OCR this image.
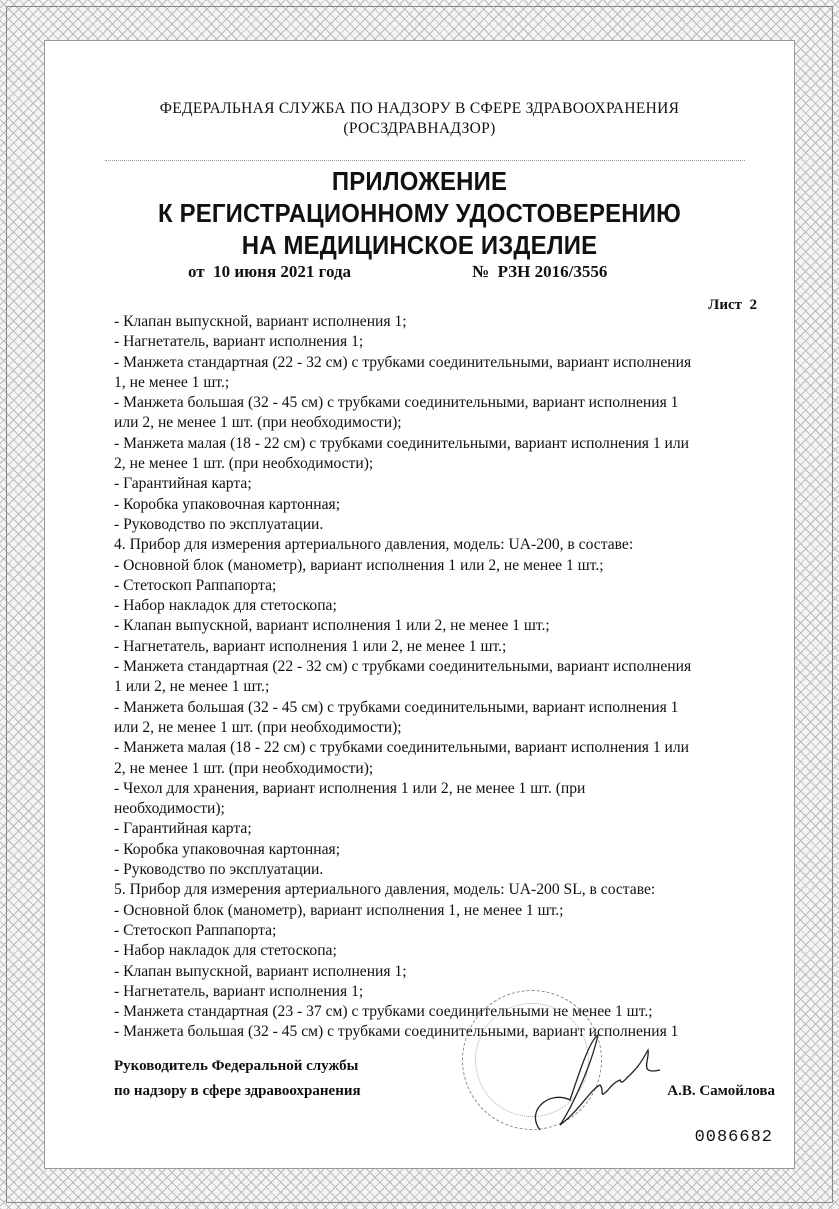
ФЕДЕРАЛЬНАЯ СЛУЖБА ПО НАДЗОРУ В СФЕРЕ ЗДРАВООХРАНЕНИЯ
(РОСЗДРАВНАДЗОР)
ПРИЛОЖЕНИЕ
К РЕГИСТРАЦИОННОМУ УДОСТОВЕРЕНИЮ
НА МЕДИЦИНСКОЕ ИЗДЕЛИЕ
от  10 июня 2021 года	№  РЗН 2016/3556
Лист  2
- Клапан выпускной, вариант исполнения 1;
- Нагнетатель, вариант исполнения 1;
- Манжета стандартная (22 - 32 см) с трубками соединительными, вариант исполнения
1, не менее 1 шт.;
- Манжета большая (32 - 45 см) с трубками соединительными, вариант исполнения 1
или 2, не менее 1 шт. (при необходимости);
- Манжета малая (18 - 22 см) с трубками соединительными, вариант исполнения 1 или
2, не менее 1 шт. (при необходимости);
- Гарантийная карта;
- Коробка упаковочная картонная;
- Руководство по эксплуатации.
4. Прибор для измерения артериального давления, модель: UA-200, в составе:
- Основной блок (манометр), вариант исполнения 1 или 2, не менее 1 шт.;
- Стетоскоп Раппапорта;
- Набор накладок для стетоскопа;
- Клапан выпускной, вариант исполнения 1 или 2, не менее 1 шт.;
- Нагнетатель, вариант исполнения 1 или 2, не менее 1 шт.;
- Манжета стандартная (22 - 32 см) с трубками соединительными, вариант исполнения
1 или 2, не менее 1 шт.;
- Манжета большая (32 - 45 см) с трубками соединительными, вариант исполнения 1
или 2, не менее 1 шт. (при необходимости);
- Манжета малая (18 - 22 см) с трубками соединительными, вариант исполнения 1 или
2, не менее 1 шт. (при необходимости);
- Чехол для хранения, вариант исполнения 1 или 2, не менее 1 шт. (при
необходимости);
- Гарантийная карта;
- Коробка упаковочная картонная;
- Руководство по эксплуатации.
5. Прибор для измерения артериального давления, модель: UA-200 SL, в составе:
- Основной блок (манометр), вариант исполнения 1, не менее 1 шт.;
- Стетоскоп Раппапорта;
- Набор накладок для стетоскопа;
- Клапан выпускной, вариант исполнения 1;
- Нагнетатель, вариант исполнения 1;
- Манжета стандартная (23 - 37 см) с трубками соединительными не менее 1 шт.;
- Манжета большая (32 - 45 см) с трубками соединительными, вариант исполнения 1
Руководитель Федеральной службы
по надзору в сфере здравоохранения	А.В. Самойлова
0086682
